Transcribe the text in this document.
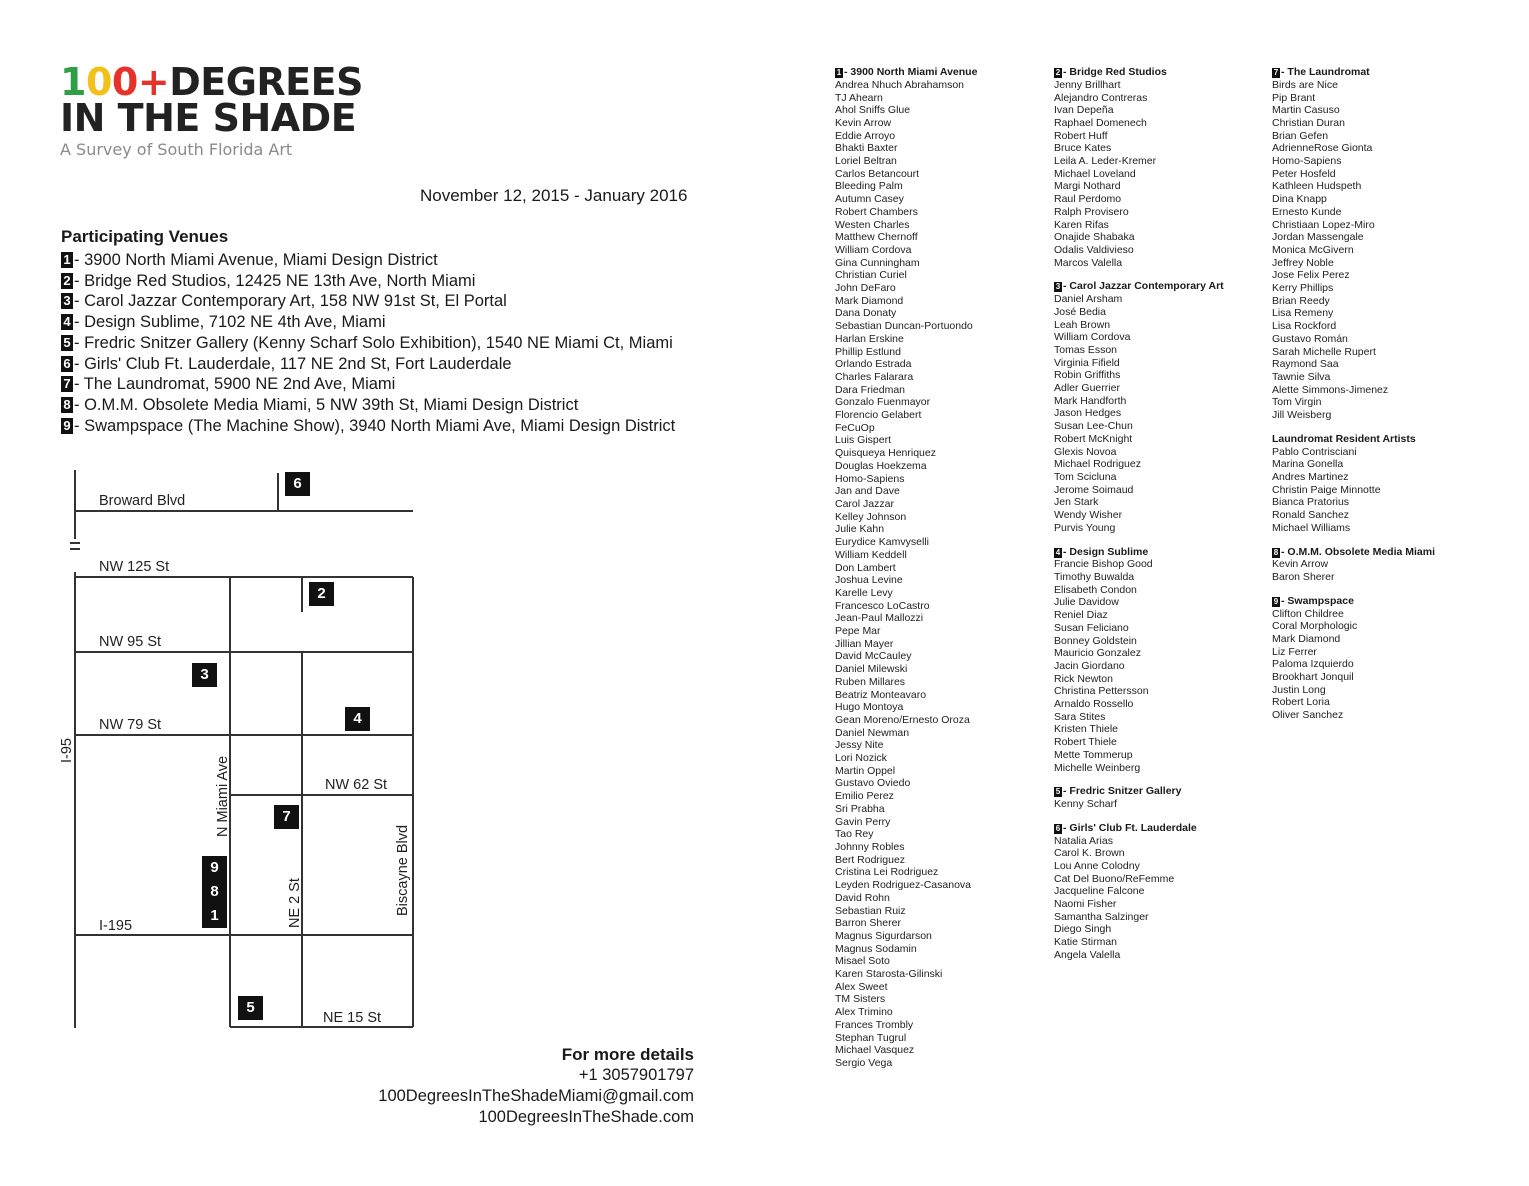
100+DEGREES
IN THE SHADE
A Survey of South Florida Art
November 12, 2015 - January 2016
Participating Venues
1 - 3900 North Miami Avenue, Miami Design District
2 - Bridge Red Studios, 12425 NE 13th Ave, North Miami
3 - Carol Jazzar Contemporary Art, 158 NW 91st St, El Portal
4 - Design Sublime, 7102 NE 4th Ave, Miami
5 - Fredric Snitzer Gallery (Kenny Scharf Solo Exhibition), 1540 NE Miami Ct, Miami
6 - Girls' Club Ft. Lauderdale, 117 NE 2nd St, Fort Lauderdale
7 - The Laundromat, 5900 NE 2nd Ave, Miami
8 - O.M.M. Obsolete Media Miami, 5 NW 39th St, Miami Design District
9 - Swampspace (The Machine Show), 3940 North Miami Ave, Miami Design District
Broward Blvd
NW 125 St
NW 95 St
NW 79 St
NW 62 St
I-195
NE 15 St
I-95
N Miami Ave
NE 2 St	Biscayne Blvd
6
2
3
4
7
9
8
1
5
For more details
+1 3057901797
100DegreesInTheShadeMiami@gmail.com
100DegreesInTheShade.com
1 - 3900 North Miami Avenue
Andrea Nhuch Abrahamson
TJ Ahearn
Ahol Sniffs Glue
Kevin Arrow
Eddie Arroyo
Bhakti Baxter
Loriel Beltran
Carlos Betancourt
Bleeding Palm
Autumn Casey
Robert Chambers
Westen Charles
Matthew Chernoff
William Cordova
Gina Cunningham
Christian Curiel
John DeFaro
Mark Diamond
Dana Donaty
Sebastian Duncan-Portuondo
Harlan Erskine
Phillip Estlund
Orlando Estrada
Charles Falarara
Dara Friedman
Gonzalo Fuenmayor
Florencio Gelabert
FeCuOp
Luis Gispert
Quisqueya Henriquez
Douglas Hoekzema
Homo-Sapiens
Jan and Dave
Carol Jazzar
Kelley Johnson
Julie Kahn
Eurydice Kamvyselli
William Keddell
Don Lambert
Joshua Levine
Karelle Levy
Francesco LoCastro
Jean-Paul Mallozzi
Pepe Mar
Jillian Mayer
David McCauley
Daniel Milewski
Ruben Millares
Beatriz Monteavaro
Hugo Montoya
Gean Moreno/Ernesto Oroza
Daniel Newman
Jessy Nite
Lori Nozick
Martin Oppel
Gustavo Oviedo
Emilio Perez
Sri Prabha
Gavin Perry
Tao Rey
Johnny Robles
Bert Rodriguez
Cristina Lei Rodriguez
Leyden Rodriguez-Casanova
David Rohn
Sebastian Ruiz
Barron Sherer
Magnus Sigurdarson
Magnus Sodamin
Misael Soto
Karen Starosta-Gilinski
Alex Sweet
TM Sisters
Alex Trimino
Frances Trombly
Stephan Tugrul
Michael Vasquez
Sergio Vega
2 - Bridge Red Studios
Jenny Brillhart
Alejandro Contreras
Ivan Depeña
Raphael Domenech
Robert Huff
Bruce Kates
Leila A. Leder-Kremer
Michael Loveland
Margi Nothard
Raul Perdomo
Ralph Provisero
Karen Rifas
Onajide Shabaka
Odalis Valdivieso
Marcos Valella
3 - Carol Jazzar Contemporary Art
Daniel Arsham
José Bedia
Leah Brown
William Cordova
Tomas Esson
Virginia Fifield
Robin Griffiths
Adler Guerrier
Mark Handforth
Jason Hedges
Susan Lee-Chun
Robert McKnight
Glexis Novoa
Michael Rodriguez
Tom Scicluna
Jerome Soimaud
Jen Stark
Wendy Wisher
Purvis Young
4 - Design Sublime
Francie Bishop Good
Timothy Buwalda
Elisabeth Condon
Julie Davidow
Reniel Diaz
Susan Feliciano
Bonney Goldstein
Mauricio Gonzalez
Jacin Giordano
Rick Newton
Christina Pettersson
Arnaldo Rossello
Sara Stites
Kristen Thiele
Robert Thiele
Mette Tommerup
Michelle Weinberg
5 - Fredric Snitzer Gallery
Kenny Scharf
6 - Girls' Club Ft. Lauderdale
Natalia Arias
Carol K. Brown
Lou Anne Colodny
Cat Del Buono/ReFemme
Jacqueline Falcone
Naomi Fisher
Samantha Salzinger
Diego Singh
Katie Stirman
Angela Valella
7 - The Laundromat
Birds are Nice
Pip Brant
Martin Casuso
Christian Duran
Brian Gefen
AdrienneRose Gionta
Homo-Sapiens
Peter Hosfeld
Kathleen Hudspeth
Dina Knapp
Ernesto Kunde
Christiaan Lopez-Miro
Jordan Massengale
Monica McGivern
Jeffrey Noble
Jose Felix Perez
Kerry Phillips
Brian Reedy
Lisa Remeny
Lisa Rockford
Gustavo Román
Sarah Michelle Rupert
Raymond Saa
Tawnie Silva
Alette Simmons-Jimenez
Tom Virgin
Jill Weisberg
Laundromat Resident Artists
Pablo Contrisciani
Marina Gonella
Andres Martinez
Christin Paige Minnotte
Bianca Pratorius
Ronald Sanchez
Michael Williams
8 - O.M.M. Obsolete Media Miami
Kevin Arrow
Baron Sherer
9 - Swampspace
Clifton Childree
Coral Morphologic
Mark Diamond
Liz Ferrer
Paloma Izquierdo
Brookhart Jonquil
Justin Long
Robert Loria
Oliver Sanchez
